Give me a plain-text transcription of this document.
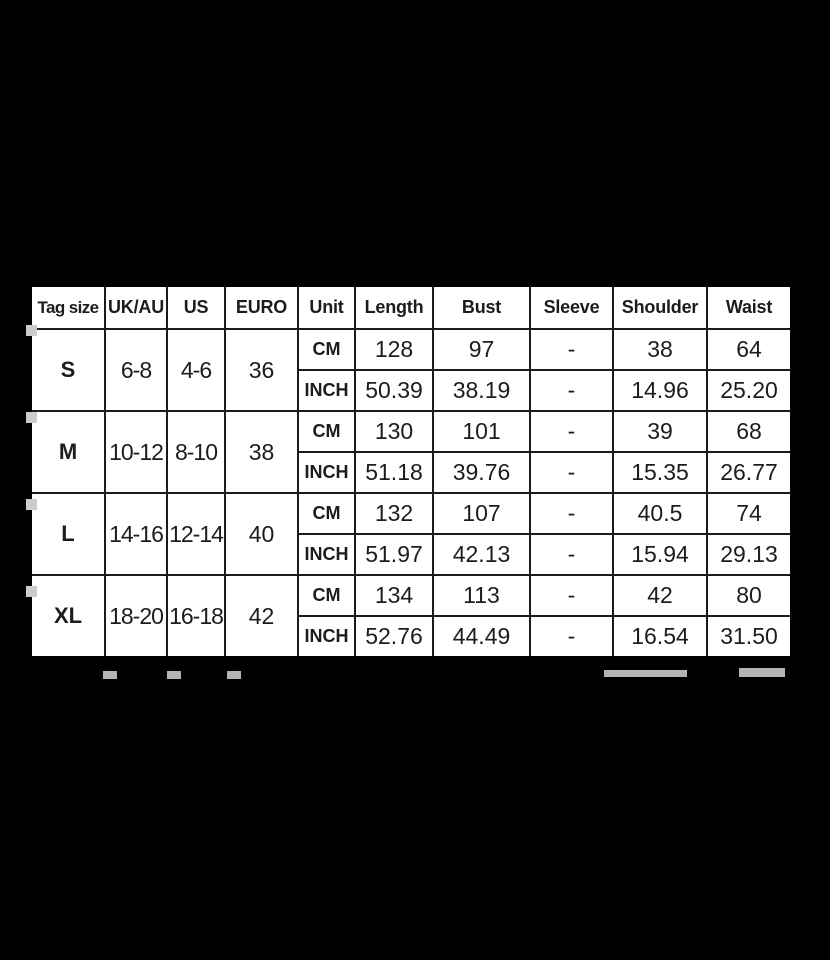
Tag size	UK/AU	US	EURO	Unit	Length	Bust	Sleeve	Shoulder	Waist
S	6-8	4-6	36	CM	128	97	-	38	64
				INCH	50.39	38.19	-	14.96	25.20
M	10-12	8-10	38	CM	130	101	-	39	68
				INCH	51.18	39.76	-	15.35	26.77
L	14-16	12-14	40	CM	132	107	-	40.5	74
				INCH	51.97	42.13	-	15.94	29.13
XL	18-20	16-18	42	CM	134	113	-	42	80
				INCH	52.76	44.49	-	16.54	31.50
